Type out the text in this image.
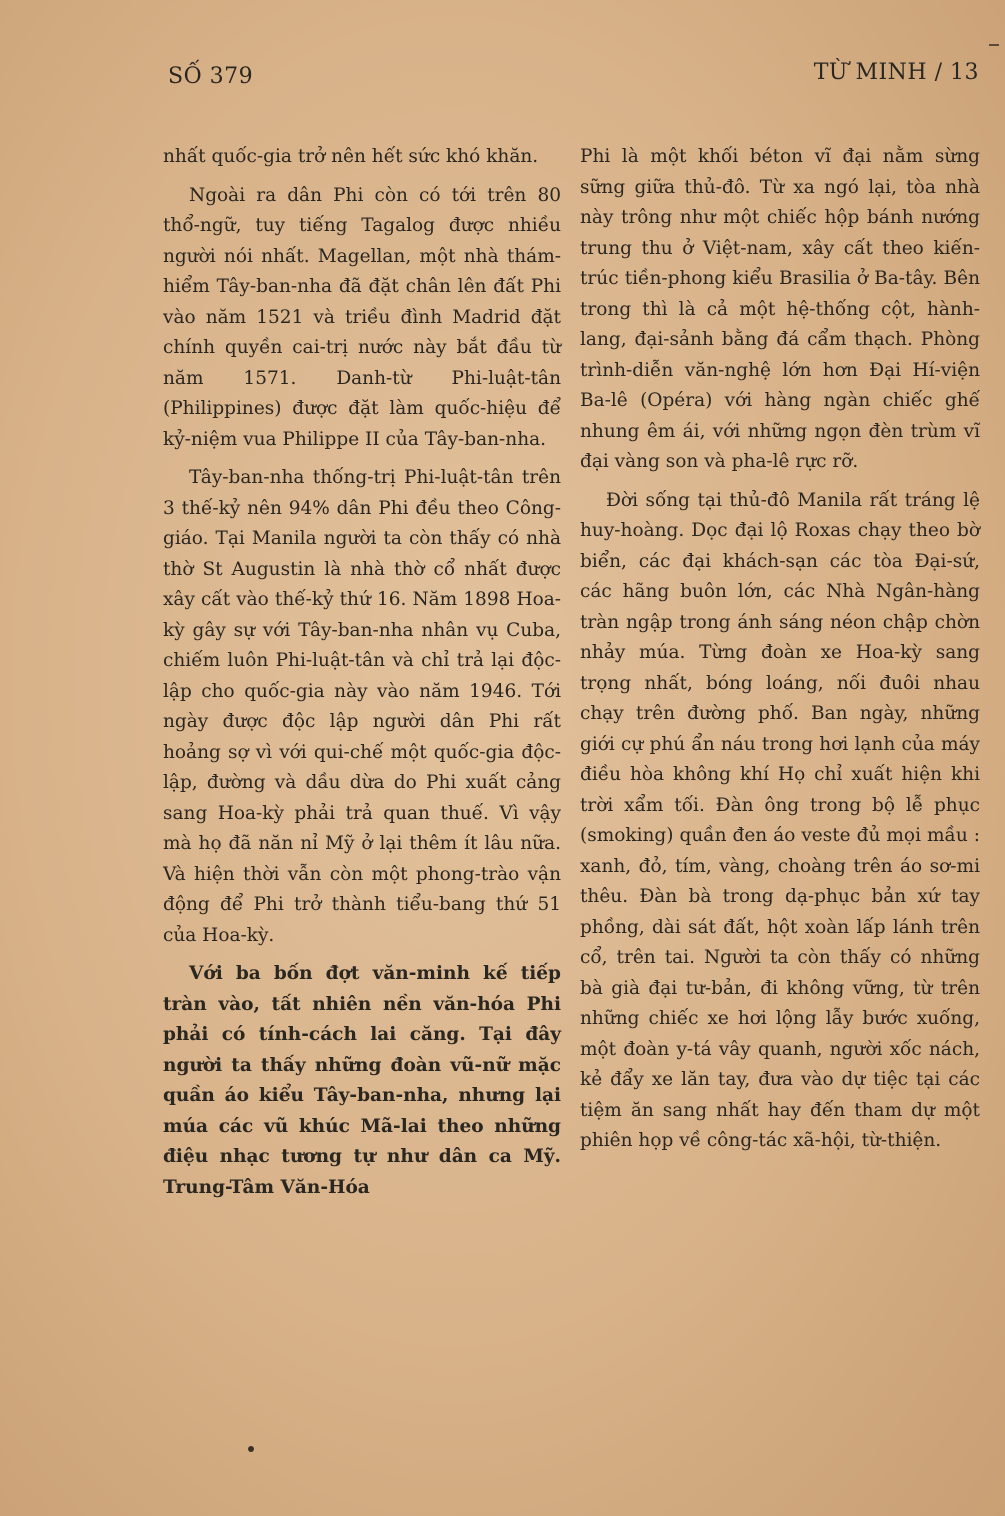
SỐ 379	TỪ MINH / 13

nhất quốc-gia trở nên hết sức khó khăn.

Ngoài ra dân Phi còn có tới trên 80 thổ-ngữ, tuy tiếng Tagalog được nhiều người nói nhất. Magellan, một nhà thám-hiểm Tây-ban-nha đã đặt chân lên đất Phi vào năm 1521 và triều đình Madrid đặt chính quyền cai-trị nước này bắt đầu từ năm 1571. Danh-từ Phi-luật-tân (Philippines) được đặt làm quốc-hiệu để kỷ-niệm vua Philippe II của Tây-ban-nha.

Tây-ban-nha thống-trị Phi-luật-tân trên 3 thế-kỷ nên 94% dân Phi đều theo Công-giáo. Tại Manila người ta còn thấy có nhà thờ St Augustin là nhà thờ cổ nhất được xây cất vào thế-kỷ thứ 16. Năm 1898 Hoa-kỳ gây sự với Tây-ban-nha nhân vụ Cuba, chiếm luôn Phi-luật-tân và chỉ trả lại độc-lập cho quốc-gia này vào năm 1946. Tới ngày được độc lập người dân Phi rất hoảng sợ vì với qui-chế một quốc-gia độc-lập, đường và dầu dừa do Phi xuất cảng sang Hoa-kỳ phải trả quan thuế. Vì vậy mà họ đã năn nỉ Mỹ ở lại thêm ít lâu nữa. Và hiện thời vẫn còn một phong-trào vận động để Phi trở thành tiểu-bang thứ 51 của Hoa-kỳ.

Với ba bốn đợt văn-minh kế tiếp tràn vào, tất nhiên nền văn-hóa Phi phải có tính-cách lai căng. Tại đây người ta thấy những đoàn vũ-nữ mặc quần áo kiểu Tây-ban-nha, nhưng lại múa các vũ khúc Mã-lai theo những điệu nhạc tương tự như dân ca Mỹ. Trung-Tâm Văn-Hóa

Phi là một khối béton vĩ đại nằm sừng sững giữa thủ-đô. Từ xa ngó lại, tòa nhà này trông như một chiếc hộp bánh nướng trung thu ở Việt-nam, xây cất theo kiến-trúc tiền-phong kiểu Brasilia ở Ba-tây. Bên trong thì là cả một hệ-thống cột, hành-lang, đại-sảnh bằng đá cẩm thạch. Phòng trình-diễn văn-nghệ lớn hơn Đại Hí-viện Ba-lê (Opéra) với hàng ngàn chiếc ghế nhung êm ái, với những ngọn đèn trùm vĩ đại vàng son và pha-lê rực rỡ.

Đời sống tại thủ-đô Manila rất tráng lệ huy-hoàng. Dọc đại lộ Roxas chạy theo bờ biển, các đại khách-sạn các tòa Đại-sứ, các hãng buôn lớn, các Nhà Ngân-hàng tràn ngập trong ánh sáng néon chập chờn nhảy múa. Từng đoàn xe Hoa-kỳ sang trọng nhất, bóng loáng, nối đuôi nhau chạy trên đường phố. Ban ngày, những giới cự phú ẩn náu trong hơi lạnh của máy điều hòa không khí Họ chỉ xuất hiện khi trời xẩm tối. Đàn ông trong bộ lễ phục (smoking) quần đen áo veste đủ mọi mầu : xanh, đỏ, tím, vàng, choàng trên áo sơ-mi thêu. Đàn bà trong dạ-phục bản xứ tay phồng, dài sát đất, hột xoàn lấp lánh trên cổ, trên tai. Người ta còn thấy có những bà già đại tư-bản, đi không vững, từ trên những chiếc xe hơi lộng lẫy bước xuống, một đoàn y-tá vây quanh, người xốc nách, kẻ đẩy xe lăn tay, đưa vào dự tiệc tại các tiệm ăn sang nhất hay đến tham dự một phiên họp về công-tác xã-hội, từ-thiện.
